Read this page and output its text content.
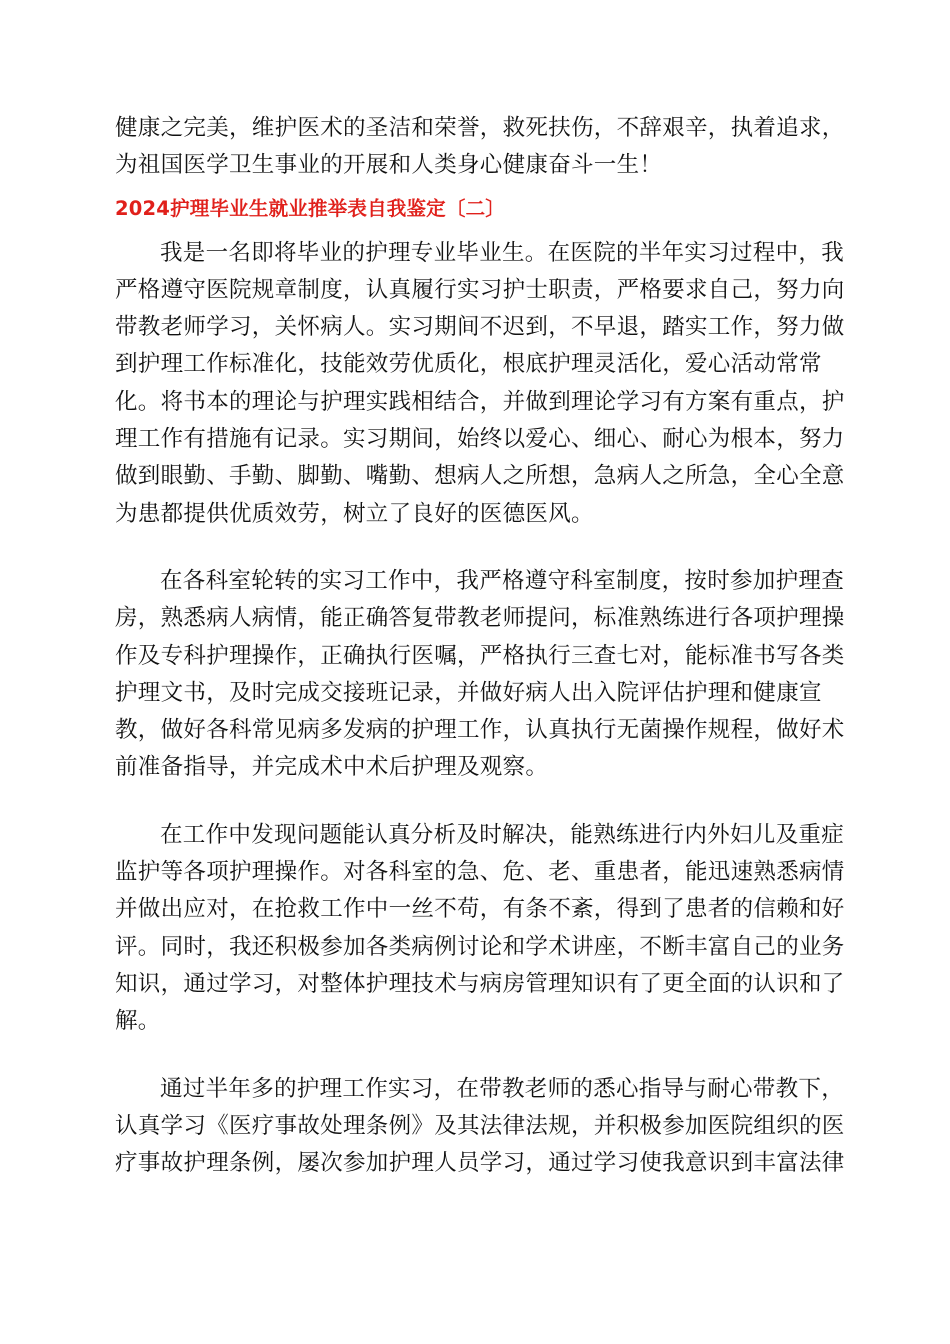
健康之完美，维护医术的圣洁和荣誉，救死扶伤，不辞艰辛，执着追求，
为祖国医学卫生事业的开展和人类身心健康奋斗一生！
2024护理毕业生就业推举表自我鉴定〔二〕
我是一名即将毕业的护理专业毕业生。在医院的半年实习过程中，我
严格遵守医院规章制度，认真履行实习护士职责，严格要求自己，努力向
带教老师学习，关怀病人。实习期间不迟到，不早退，踏实工作，努力做
到护理工作标准化，技能效劳优质化，根底护理灵活化，爱心活动常常
化。将书本的理论与护理实践相结合，并做到理论学习有方案有重点，护
理工作有措施有记录。实习期间，始终以爱心、细心、耐心为根本，努力
做到眼勤、手勤、脚勤、嘴勤、想病人之所想，急病人之所急，全心全意
为患都提供优质效劳，树立了良好的医德医风。
在各科室轮转的实习工作中，我严格遵守科室制度，按时参加护理查
房，熟悉病人病情，能正确答复带教老师提问，标准熟练进行各项护理操
作及专科护理操作，正确执行医嘱，严格执行三查七对，能标准书写各类
护理文书，及时完成交接班记录，并做好病人出入院评估护理和健康宣
教，做好各科常见病多发病的护理工作，认真执行无菌操作规程，做好术
前准备指导，并完成术中术后护理及观察。
在工作中发现问题能认真分析及时解决，能熟练进行内外妇儿及重症
监护等各项护理操作。对各科室的急、危、老、重患者，能迅速熟悉病情
并做出应对，在抢救工作中一丝不苟，有条不紊，得到了患者的信赖和好
评。同时，我还积极参加各类病例讨论和学术讲座，不断丰富自己的业务
知识，通过学习，对整体护理技术与病房管理知识有了更全面的认识和了
解。
通过半年多的护理工作实习，在带教老师的悉心指导与耐心带教下，
认真学习《医疗事故处理条例》及其法律法规，并积极参加医院组织的医
疗事故护理条例，屡次参加护理人员学习，通过学习使我意识到丰富法律
